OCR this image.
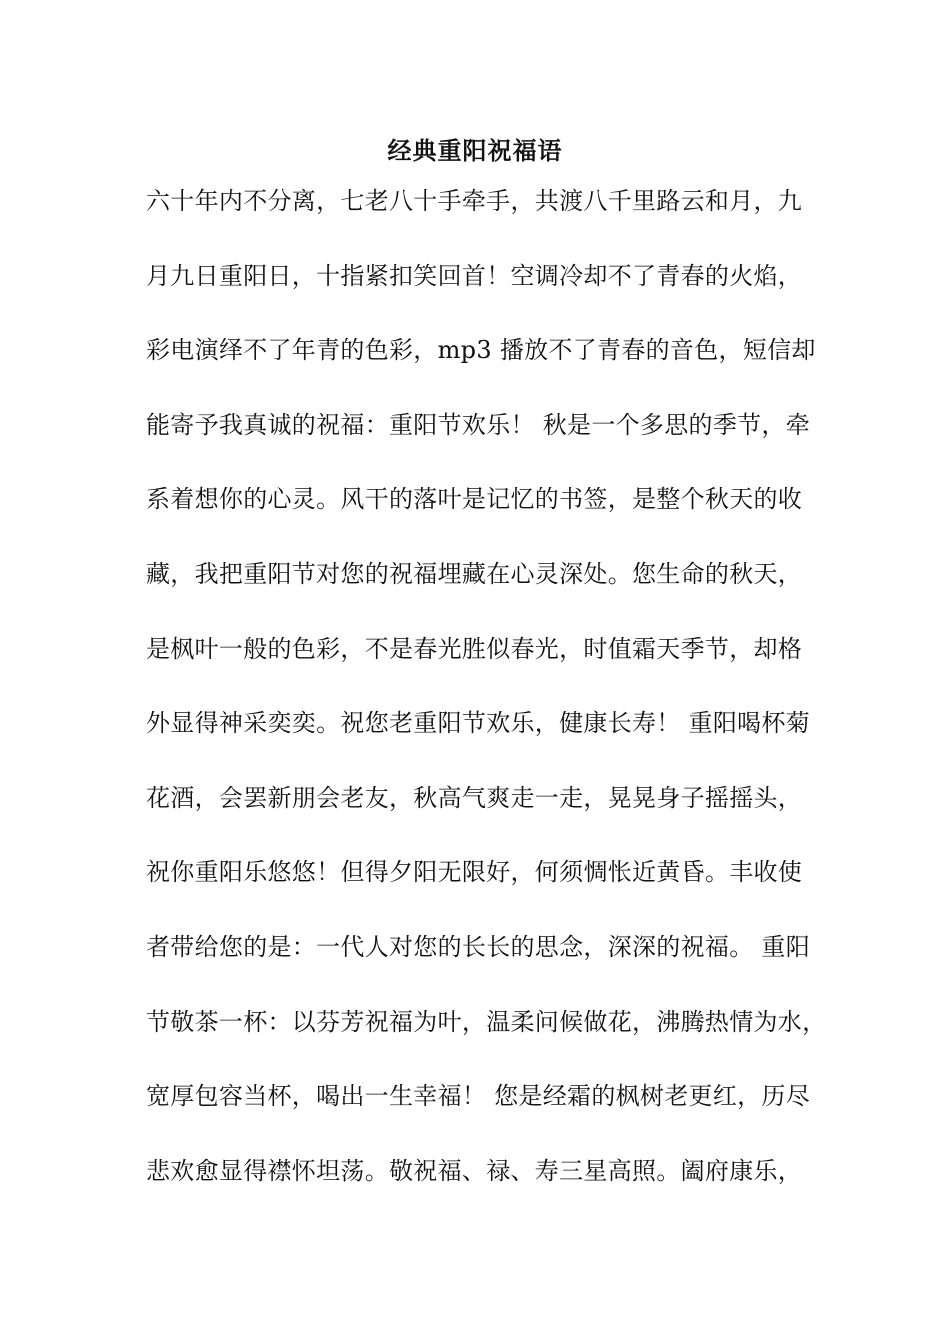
经典重阳祝福语
六十年内不分离，七老八十手牵手，共渡八千里路云和月，九
月九日重阳日，十指紧扣笑回首！空调冷却不了青春的火焰，
彩电演绎不了年青的色彩，mp3 播放不了青春的音色，短信却
能寄予我真诚的祝福：重阳节欢乐！ 秋是一个多思的季节，牵
系着想你的心灵。风干的落叶是记忆的书签，是整个秋天的收
藏，我把重阳节对您的祝福埋藏在心灵深处。您生命的秋天，
是枫叶一般的色彩，不是春光胜似春光，时值霜天季节，却格
外显得神采奕奕。祝您老重阳节欢乐，健康长寿！ 重阳喝杯菊
花酒，会罢新朋会老友，秋高气爽走一走，晃晃身子摇摇头，
祝你重阳乐悠悠！但得夕阳无限好，何须惆怅近黄昏。丰收使
者带给您的是：一代人对您的长长的思念，深深的祝福。 重阳
节敬茶一杯：以芬芳祝福为叶，温柔问候做花，沸腾热情为水，
宽厚包容当杯，喝出一生幸福！ 您是经霜的枫树老更红，历尽
悲欢愈显得襟怀坦荡。敬祝福、禄、寿三星高照。阖府康乐，
